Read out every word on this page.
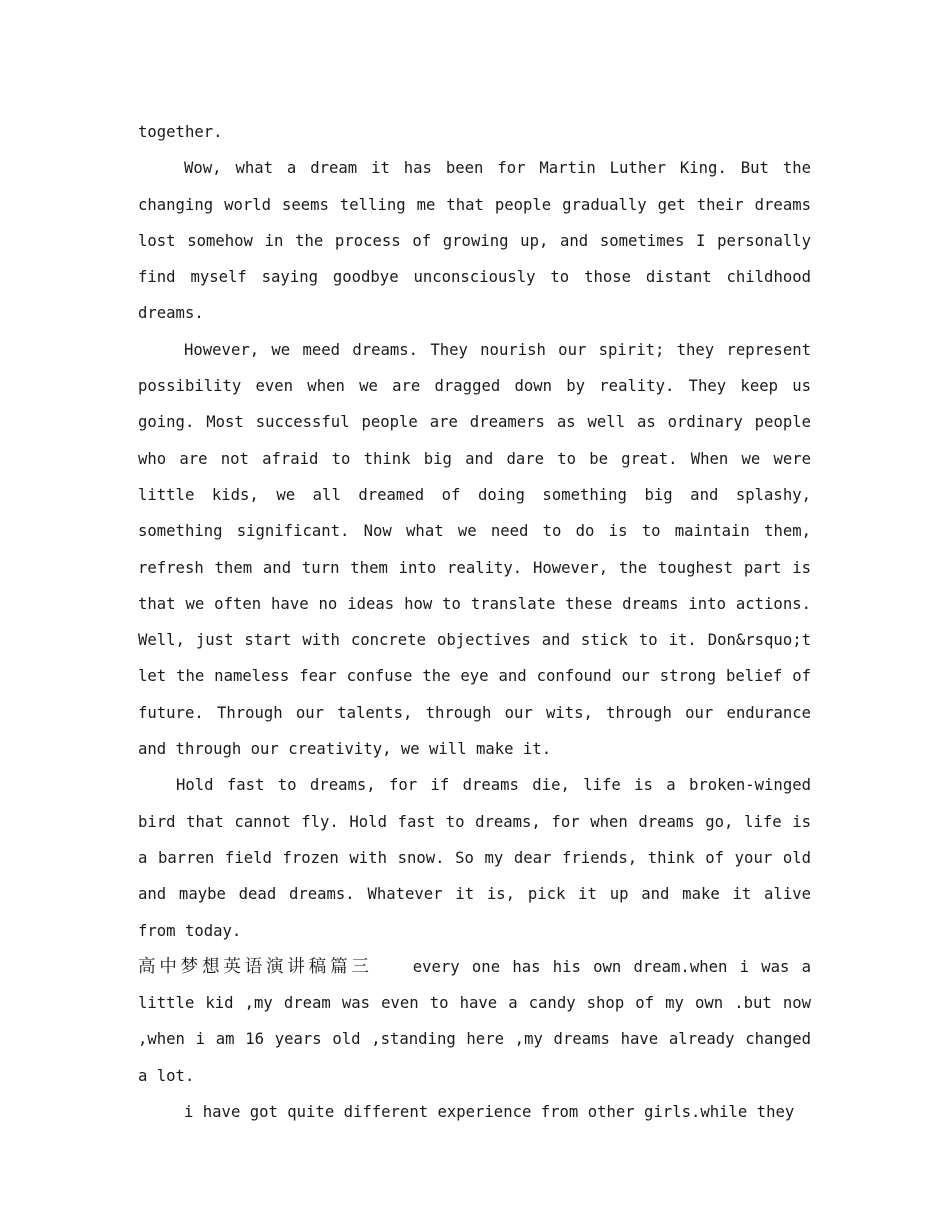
together.

Wow, what a dream it has been for Martin Luther King. But the changing world seems telling me that people gradually get their dreams lost somehow in the process of growing up, and sometimes I personally find myself saying goodbye unconsciously to those distant childhood dreams.

However, we meed dreams. They nourish our spirit; they represent possibility even when we are dragged down by reality. They keep us going. Most successful people are dreamers as well as ordinary people who are not afraid to think big and dare to be great. When we were little kids, we all dreamed of doing something big and splashy, something significant. Now what we need to do is to maintain them, refresh them and turn them into reality. However, the toughest part is that we often have no ideas how to translate these dreams into actions. Well, just start with concrete objectives and stick to it. Don&rsquo;t let the nameless fear confuse the eye and confound our strong belief of future. Through our talents, through our wits, through our endurance and through our creativity, we will make it.

Hold fast to dreams, for if dreams die, life is a broken-winged bird that cannot fly. Hold fast to dreams, for when dreams go, life is a barren field frozen with snow. So my dear friends, think of your old and maybe dead dreams. Whatever it is, pick it up and make it alive from today.

高中梦想英语演讲稿篇三	every one has his own dream.when i was a little kid ,my dream was even to have a candy shop of my own .but now ,when i am 16 years old ,standing here ,my dreams have already changed a lot.

i have got quite different experience from other girls.while they
